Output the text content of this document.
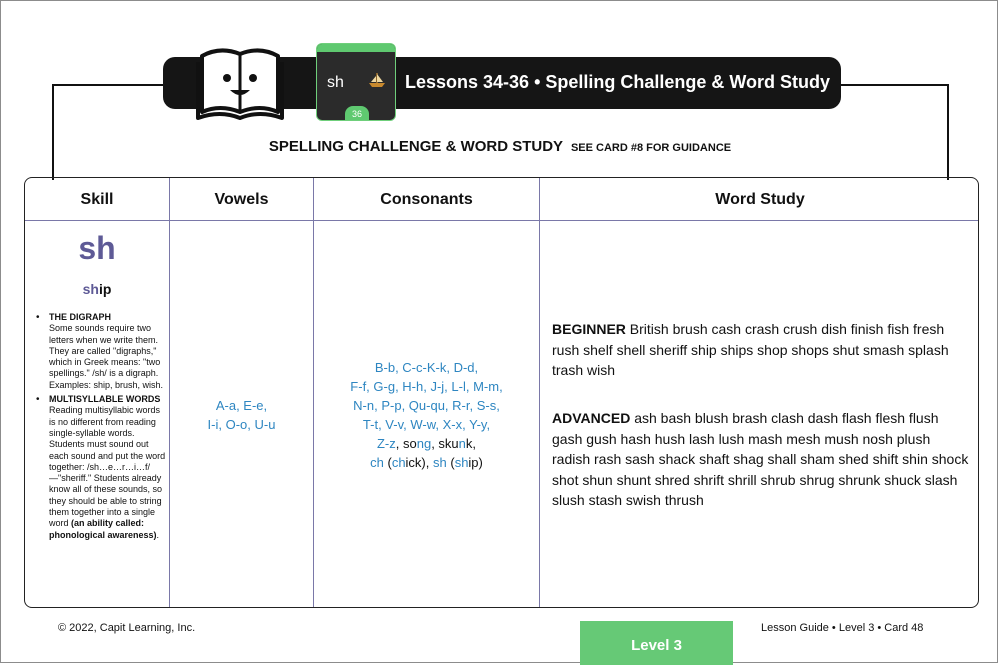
Lessons 34-36 • Spelling Challenge & Word Study
sh
36
SPELLING CHALLENGE & WORD STUDY SEE CARD #8 FOR GUIDANCE
Skill
sh
ship
• THE DIGRAPH
Some sounds require two letters when we write them. They are called "digraphs," which in Greek means: "two spellings." /sh/ is a digraph. Examples: ship, brush, wish.
• MULTISYLLABLE WORDS
Reading multisyllabic words is no different from reading single-syllable words. Students must sound out each sound and put the word together: /sh…e…r…i…f/—"sheriff." Students already know all of these sounds, so they should be able to string them together into a single word (an ability called: phonological awareness).
Vowels
A-a, E-e,
I-i, O-o, U-u
Consonants
B-b, C-c-K-k, D-d,
F-f, G-g, H-h, J-j, L-l, M-m,
N-n, P-p, Qu-qu, R-r, S-s,
T-t, V-v, W-w, X-x, Y-y,
Z-z, song, skunk,
ch (chick), sh (ship)
Word Study
BEGINNER British brush cash crash crush dish finish fish fresh rush shelf shell sheriff ship ships shop shops shut smash splash trash wish
ADVANCED ash bash blush brash clash dash flash flesh flush gash gush hash hush lash lush mash mesh mush nosh plush radish rash sash shack shaft shag shall sham shed shift shin shock shot shun shunt shred shrift shrill shrub shrug shrunk shuck slash slush stash swish thrush
© 2022, Capit Learning, Inc.
Level 3
Lesson Guide • Level 3 • Card 48
